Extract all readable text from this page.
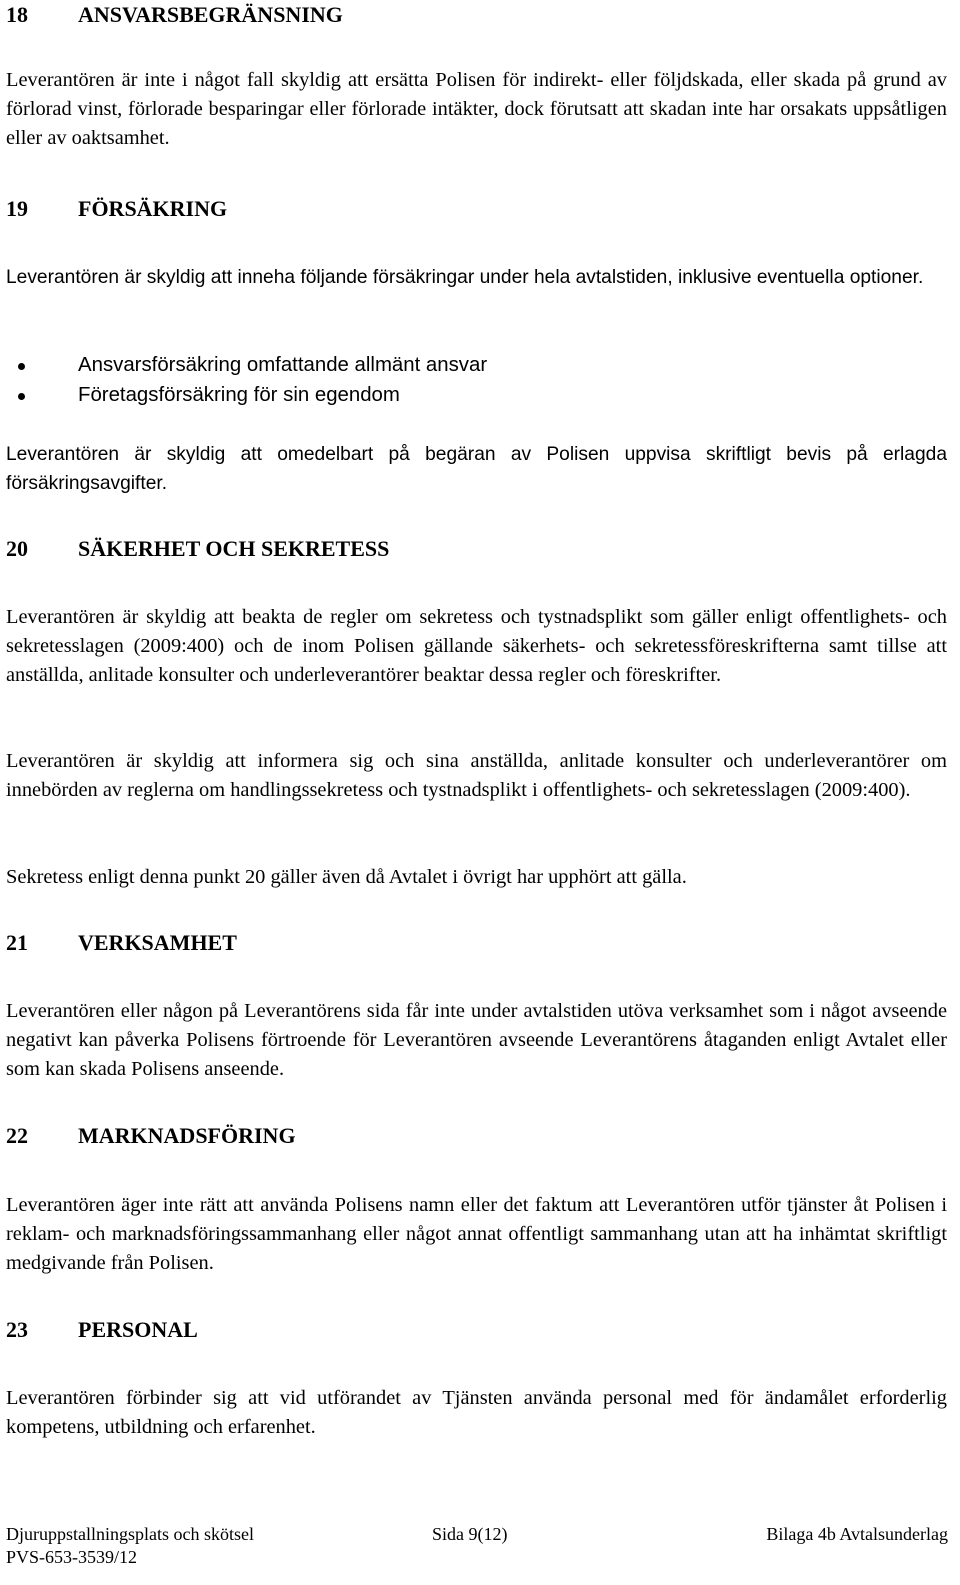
18 ANSVARSBEGRÄNSNING

Leverantören är inte i något fall skyldig att ersätta Polisen för indirekt- eller följdskada, eller skada på grund av förlorad vinst, förlorade besparingar eller förlorade intäkter, dock förutsatt att skadan inte har orsakats uppsåtligen eller av oaktsamhet.

19 FÖRSÄKRING

Leverantören är skyldig att inneha följande försäkringar under hela avtalstiden, inklusive eventuella optioner.

Ansvarsförsäkring omfattande allmänt ansvar
Företagsförsäkring för sin egendom

Leverantören är skyldig att omedelbart på begäran av Polisen uppvisa skriftligt bevis på erlagda försäkringsavgifter.

20 SÄKERHET OCH SEKRETESS

Leverantören är skyldig att beakta de regler om sekretess och tystnadsplikt som gäller enligt offentlighets- och sekretesslagen (2009:400) och de inom Polisen gällande säkerhets- och sekretessföreskrifterna samt tillse att anställda, anlitade konsulter och underleverantörer beaktar dessa regler och föreskrifter.

Leverantören är skyldig att informera sig och sina anställda, anlitade konsulter och underleverantörer om innebörden av reglerna om handlingssekretess och tystnadsplikt i offentlighets- och sekretesslagen (2009:400).

Sekretess enligt denna punkt 20 gäller även då Avtalet i övrigt har upphört att gälla.

21 VERKSAMHET

Leverantören eller någon på Leverantörens sida får inte under avtalstiden utöva verksamhet som i något avseende negativt kan påverka Polisens förtroende för Leverantören avseende Leverantörens åtaganden enligt Avtalet eller som kan skada Polisens anseende.

22 MARKNADSFÖRING

Leverantören äger inte rätt att använda Polisens namn eller det faktum att Leverantören utför tjänster åt Polisen i reklam- och marknadsföringssammanhang eller något annat offentligt sammanhang utan att ha inhämtat skriftligt medgivande från Polisen.

23 PERSONAL

Leverantören förbinder sig att vid utförandet av Tjänsten använda personal med för ändamålet erforderlig kompetens, utbildning och erfarenhet.

Djuruppstallningsplats och skötsel	Sida 9(12)	Bilaga 4b Avtalsunderlag
PVS-653-3539/12
